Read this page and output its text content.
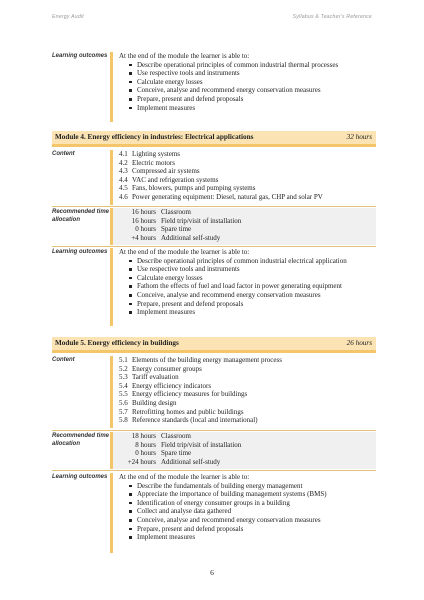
Energy Audit	Syllabus & Teacher's Reference
Learning outcomes	At the end of the module the learner is able to:
Describe operational principles of common industrial thermal processes
Use respective tools and instruments
Calculate energy losses
Conceive, analyse and recommend energy conservation measures
Prepare, present and defend proposals
Implement measures
Module 4. Energy efficiency in industries: Electrical applications	32 hours
Content	4.1 Lighting systems
4.2 Electric motors
4.3 Compressed air systems
4.4 VAC and refrigeration systems
4.5 Fans, blowers, pumps and pumping systems
4.6 Power generating equipment: Diesel, natural gas, CHP and solar PV
Recommended time allocation
16 hours	Classroom
16 hours	Field trip/visit of installation
0 hours	Spare time
+4 hours	Additional self-study
Learning outcomes	At the end of the module the learner is able to:
Describe operational principles of common industrial electrical application
Use respective tools and instruments
Calculate energy losses
Fathom the effects of fuel and load factor in power generating equipment
Conceive, analyse and recommend energy conservation measures
Prepare, present and defend proposals
Implement measures
Module 5. Energy efficiency in buildings	26 hours
Content	5.1 Elements of the building energy management process
5.2 Energy consumer groups
5.3 Tariff evaluation
5.4 Energy efficiency indicators
5.5 Energy efficiency measures for buildings
5.6 Building design
5.7 Retrofitting homes and public buildings
5.8 Reference standards (local and international)
Recommended time allocation
18 hours	Classroom
8 hours	Field trip/visit of installation
0 hours	Spare time
+24 hours	Additional self-study
Learning outcomes	At the end of the module the learner is able to:
Describe the fundamentals of building energy management
Appreciate the importance of building management systems (BMS)
Identification of energy consumer groups in a building
Collect and analyse data gathered
Conceive, analyse and recommend energy conservation measures
Prepare, present and defend proposals
Implement measures
6
